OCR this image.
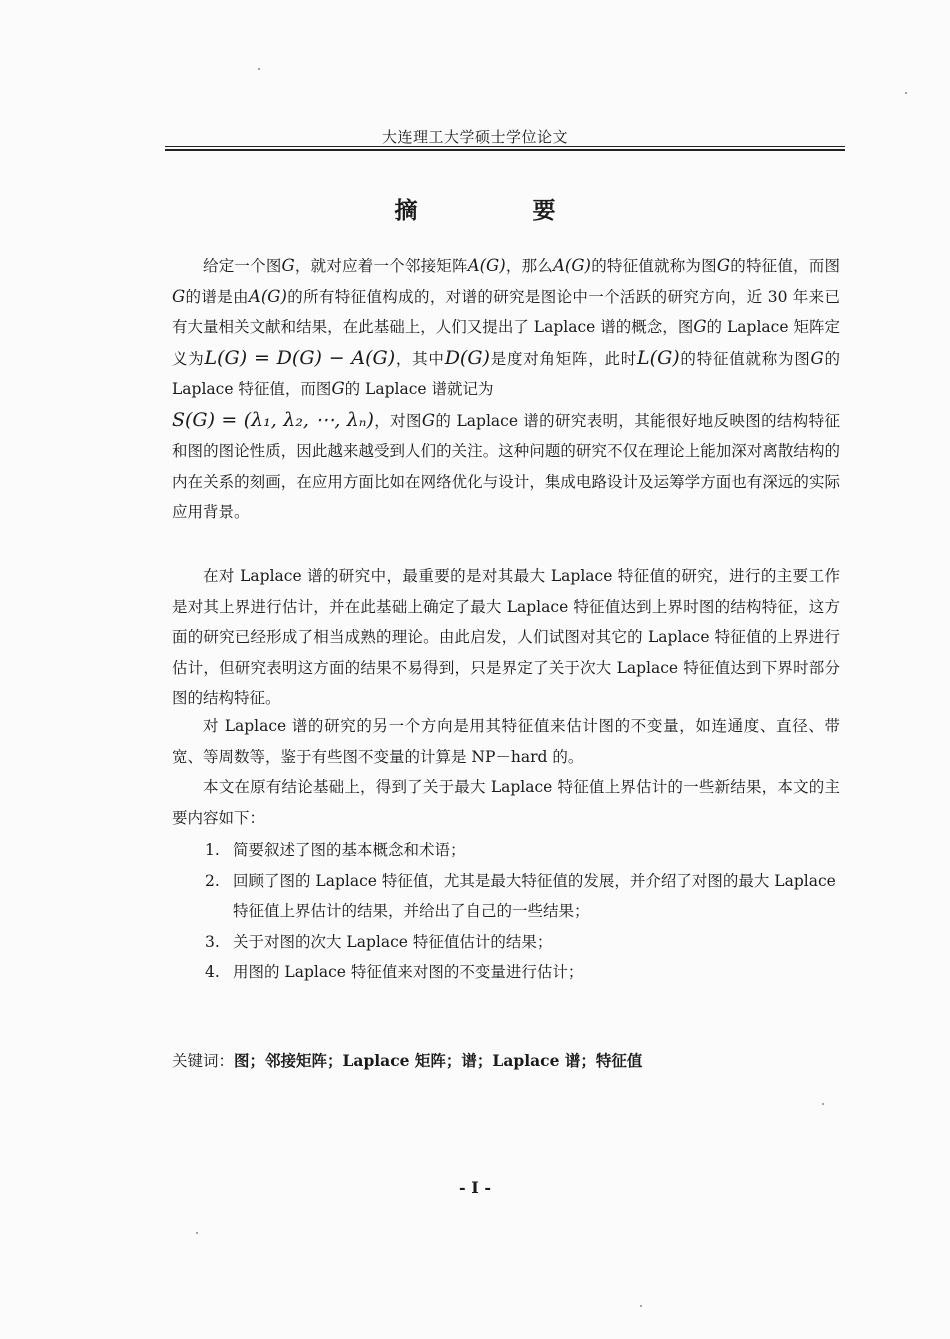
大连理工大学硕士学位论文
摘　要

给定一个图G，就对应着一个邻接矩阵A(G)，那么A(G)的特征值就称为图G的特征值，而图G的谱是由A(G)的所有特征值构成的，对谱的研究是图论中一个活跃的研究方向，近 30 年来已有大量相关文献和结果，在此基础上，人们又提出了 Laplace 谱的概念，图G的 Laplace 矩阵定义为L(G) = D(G) − A(G)，其中D(G)是度对角矩阵，此时L(G)的特征值就称为图G的 Laplace 特征值，而图G的 Laplace 谱就记为
S(G) = (λ₁, λ₂, ⋯, λₙ)，对图G的 Laplace 谱的研究表明，其能很好地反映图的结构特征和图的图论性质，因此越来越受到人们的关注。这种问题的研究不仅在理论上能加深对离散结构的内在关系的刻画，在应用方面比如在网络优化与设计，集成电路设计及运筹学方面也有深远的实际应用背景。

在对 Laplace 谱的研究中，最重要的是对其最大 Laplace 特征值的研究，进行的主要工作是对其上界进行估计，并在此基础上确定了最大 Laplace 特征值达到上界时图的结构特征，这方面的研究已经形成了相当成熟的理论。由此启发，人们试图对其它的 Laplace 特征值的上界进行估计，但研究表明这方面的结果不易得到，只是界定了关于次大 Laplace 特征值达到下界时部分图的结构特征。

对 Laplace 谱的研究的另一个方向是用其特征值来估计图的不变量，如连通度、直径、带宽、等周数等，鉴于有些图不变量的计算是 NP－hard 的。

本文在原有结论基础上，得到了关于最大 Laplace 特征值上界估计的一些新结果，本文的主要内容如下：

1. 简要叙述了图的基本概念和术语；
2. 回顾了图的 Laplace 特征值，尤其是最大特征值的发展，并介绍了对图的最大 Laplace 特征值上界估计的结果，并给出了自己的一些结果；
3. 关于对图的次大 Laplace 特征值估计的结果；
4. 用图的 Laplace 特征值来对图的不变量进行估计；
关键词：图；邻接矩阵；Laplace 矩阵；谱；Laplace 谱；特征值
- I -
